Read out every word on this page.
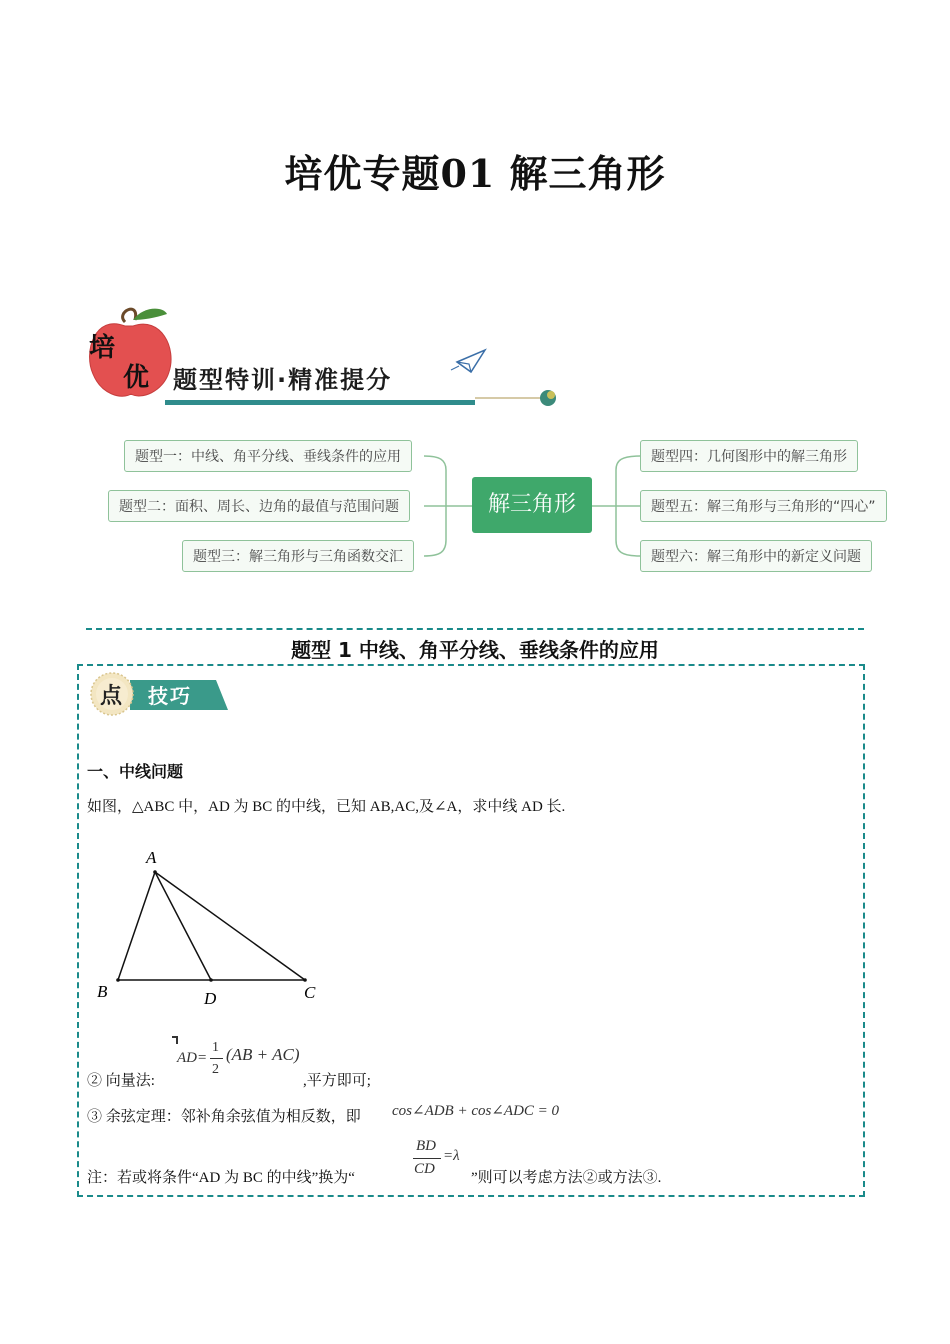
培优专题01 解三角形
培
优 题型特训·精准提分
题型一：中线、角平分线、垂线条件的应用
题型二：面积、周长、边角的最值与范围问题
题型三：解三角形与三角函数交汇
解三角形
题型四：几何图形中的解三角形
题型五：解三角形与三角形的“四心”
题型六：解三角形中的新定义问题
题型 1 中线、角平分线、垂线条件的应用
点 技巧
一、中线问题
如图，△ABC 中，AD 为 BC 的中线，已知 AB,AC,及∠A，求中线 AD 长.
A
B	C
D
② 向量法:
AD=
1
2
(AB + AC)
,平方即可;
③ 余弦定理：邻补角余弦值为相反数，即 cos∠ADB + cos∠ADC = 0
注：若或将条件“AD 为 BC 的中线”换为“
BD
CD
=λ
”则可以考虑方法②或方法③.
